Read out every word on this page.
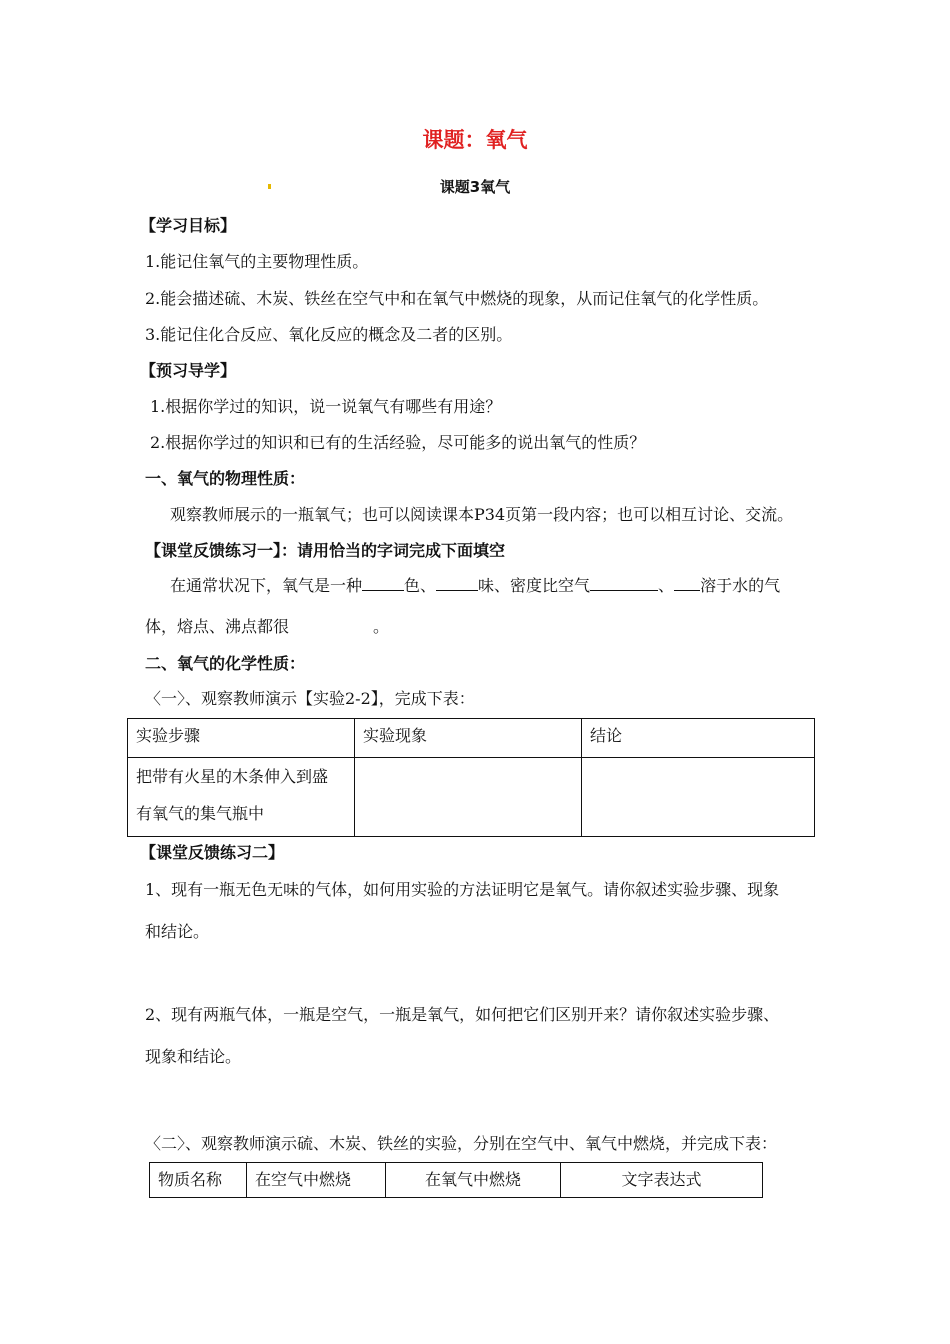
课题：氧气
课题3氧气
【学习目标】
1.能记住氧气的主要物理性质。
2.能会描述硫、木炭、铁丝在空气中和在氧气中燃烧的现象，从而记住氧气的化学性质。
3.能记住化合反应、氧化反应的概念及二者的区别。
【预习导学】
1.根据你学过的知识，说一说氧气有哪些有用途？
2.根据你学过的知识和已有的生活经验，尽可能多的说出氧气的性质？
一、氧气的物理性质：
观察教师展示的一瓶氧气；也可以阅读课本P34页第一段内容；也可以相互讨论、交流。
【课堂反馈练习一】：请用恰当的字词完成下面填空
在通常状况下，氧气是一种	色、	味、密度比空气	、 溶于水的气
体，熔点、沸点都很	。
二、氧气的化学性质：
〈一〉、观察教师演示【实验2-2】，完成下表：
实验步骤	实验现象	结论

把带有火星的木条伸入到盛
有氧气的集气瓶中		

【课堂反馈练习二】
1、现有一瓶无色无味的气体，如何用实验的方法证明它是氧气。请你叙述实验步骤、现象
和结论。
2、现有两瓶气体，一瓶是空气，一瓶是氧气，如何把它们区别开来？请你叙述实验步骤、
现象和结论。
〈二〉、观察教师演示硫、木炭、铁丝的实验，分别在空气中、氧气中燃烧，并完成下表：
物质名称	在空气中燃烧	在氧气中燃烧	文字表达式
